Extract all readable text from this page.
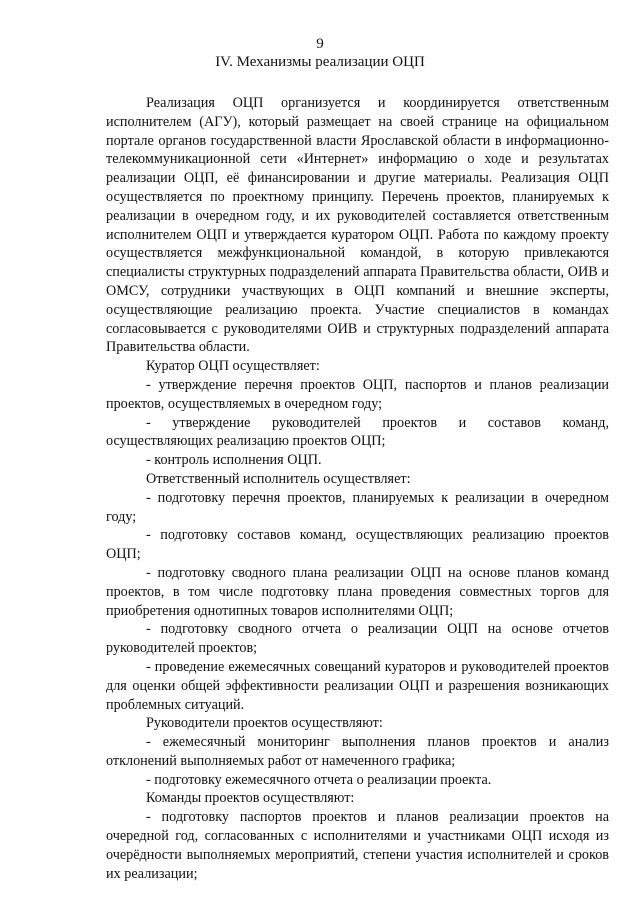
9
IV. Механизмы реализации ОЦП

Реализация ОЦП организуется и координируется ответственным исполнителем (АГУ), который размещает на своей странице на официальном портале органов государственной власти Ярославской области в информационно-телекоммуникационной сети «Интернет» информацию о ходе и результатах реализации ОЦП, её финансировании и другие материалы. Реализация ОЦП осуществляется по проектному принципу. Перечень проектов, планируемых к реализации в очередном году, и их руководителей составляется ответственным исполнителем ОЦП и утверждается куратором ОЦП. Работа по каждому проекту осуществляется межфункциональной командой, в которую привлекаются специалисты структурных подразделений аппарата Правительства области, ОИВ и ОМСУ, сотрудники участвующих в ОЦП компаний и внешние эксперты, осуществляющие реализацию проекта. Участие специалистов в командах согласовывается с руководителями ОИВ и структурных подразделений аппарата Правительства области.

Куратор ОЦП осуществляет:

- утверждение перечня проектов ОЦП, паспортов и планов реализации проектов, осуществляемых в очередном году;

- утверждение руководителей проектов и составов команд, осуществляющих реализацию проектов ОЦП;

- контроль исполнения ОЦП.

Ответственный исполнитель осуществляет:

- подготовку перечня проектов, планируемых к реализации в очередном году;

- подготовку составов команд, осуществляющих реализацию проектов ОЦП;

- подготовку сводного плана реализации ОЦП на основе планов команд проектов, в том числе подготовку плана проведения совместных торгов для приобретения однотипных товаров исполнителями ОЦП;

- подготовку сводного отчета о реализации ОЦП на основе отчетов руководителей проектов;

- проведение ежемесячных совещаний кураторов и руководителей проектов для оценки общей эффективности реализации ОЦП и разрешения возникающих проблемных ситуаций.

Руководители проектов осуществляют:

- ежемесячный мониторинг выполнения планов проектов и анализ отклонений выполняемых работ от намеченного графика;

- подготовку ежемесячного отчета о реализации проекта.

Команды проектов осуществляют:

- подготовку паспортов проектов и планов реализации проектов на очередной год, согласованных с исполнителями и участниками ОЦП исходя из очерёдности выполняемых мероприятий, степени участия исполнителей и сроков их реализации;
